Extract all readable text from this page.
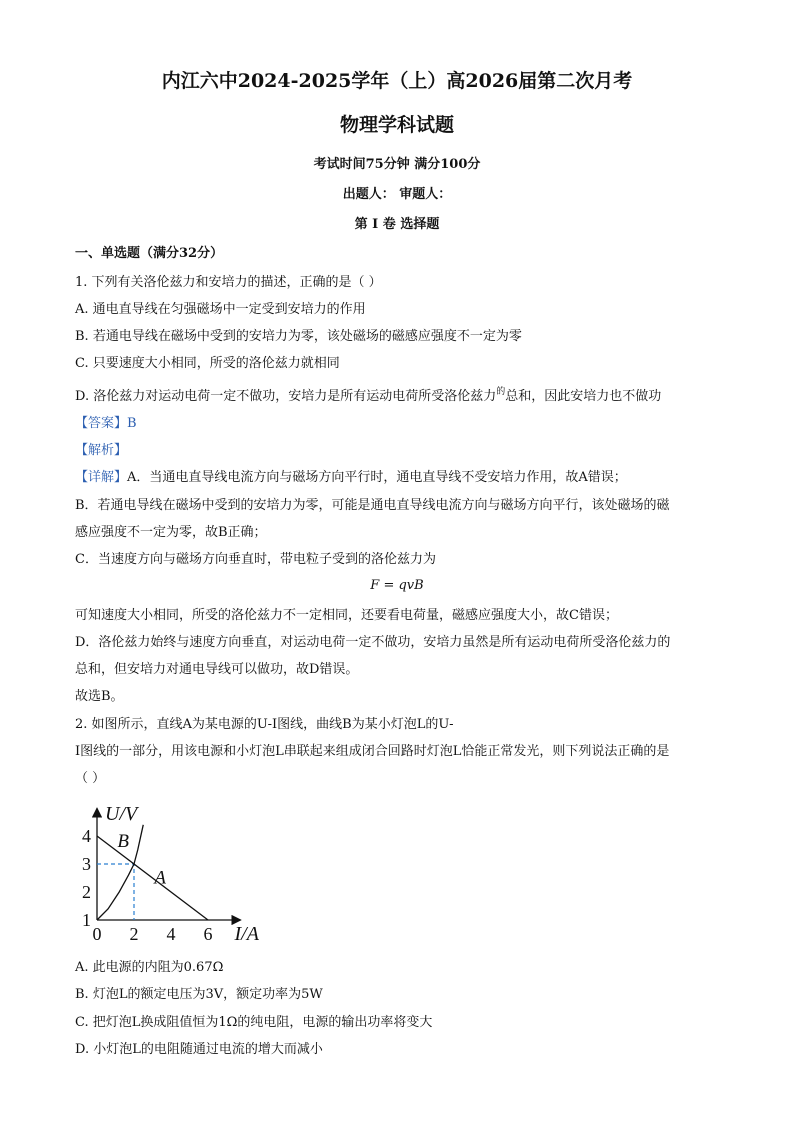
内江六中2024-2025学年（上）高2026届第二次月考
物理学科试题
考试时间75分钟 满分100分
出题人： 审题人：
第 I 卷 选择题
一、单选题（满分32分）
1. 下列有关洛伦兹力和安培力的描述，正确的是（ ）
A. 通电直导线在匀强磁场中一定受到安培力的作用
B. 若通电导线在磁场中受到的安培力为零，该处磁场的磁感应强度不一定为零
C. 只要速度大小相同，所受的洛伦兹力就相同
D. 洛伦兹力对运动电荷一定不做功，安培力是所有运动电荷所受洛伦兹力$^的$总和，因此安培力也不做功
【答案】B
【解析】
【详解】A．当通电直导线电流方向与磁场方向平行时，通电直导线不受安培力作用，故A错误；
B．若通电导线在磁场中受到的安培力为零，可能是通电直导线电流方向与磁场方向平行，该处磁场的磁
感应强度不一定为零，故B正确；
C．当速度方向与磁场方向垂直时，带电粒子受到的洛伦兹力为
F = qvB
可知速度大小相同，所受的洛伦兹力不一定相同，还要看电荷量，磁感应强度大小，故C错误；
D．洛伦兹力始终与速度方向垂直，对运动电荷一定不做功，安培力虽然是所有运动电荷所受洛伦兹力的
总和，但安培力对通电导线可以做功，故D错误。
故选B。
2. 如图所示，直线A为某电源的U-I图线，曲线B为某小灯泡L的U-
I图线的一部分，用该电源和小灯泡L串联起来组成闭合回路时灯泡L恰能正常发光，则下列说法正确的是
（ ）
0 2 4 6
1
2
3
4
A
B
U/V
I/A
A. 此电源的内阻为0.67Ω
B. 灯泡L的额定电压为3V，额定功率为5W
C. 把灯泡L换成阻值恒为1Ω的纯电阻，电源的输出功率将变大
D. 小灯泡L的电阻随通过电流的增大而减小
